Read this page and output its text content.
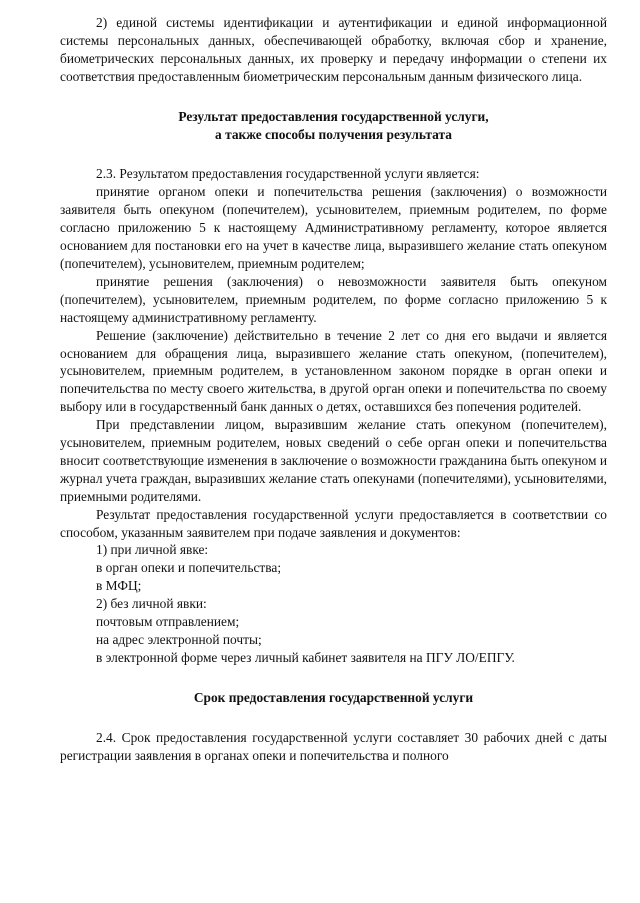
2) единой системы идентификации и аутентификации и единой информационной системы персональных данных, обеспечивающей обработку, включая сбор и хранение, биометрических персональных данных, их проверку и передачу информации о степени их соответствия предоставленным биометрическим персональным данным физического лица.

Результат предоставления государственной услуги,
а также способы получения результата

2.3. Результатом предоставления государственной услуги является:

принятие органом опеки и попечительства решения (заключения) о возможности заявителя быть опекуном (попечителем), усыновителем, приемным родителем, по форме согласно приложению 5 к настоящему Административному регламенту, которое является основанием для постановки его на учет в качестве лица, выразившего желание стать опекуном (попечителем), усыновителем, приемным родителем;

принятие решения (заключения) о невозможности заявителя быть опекуном (попечителем), усыновителем, приемным родителем, по форме согласно приложению 5 к настоящему административному регламенту.

Решение (заключение) действительно в течение 2 лет со дня его выдачи и является основанием для обращения лица, выразившего желание стать опекуном, (попечителем), усыновителем, приемным родителем, в установленном законом порядке в орган опеки и попечительства по месту своего жительства, в другой орган опеки и попечительства по своему выбору или в государственный банк данных о детях, оставшихся без попечения родителей.

При представлении лицом, выразившим желание стать опекуном (попечителем), усыновителем, приемным родителем, новых сведений о себе орган опеки и попечительства вносит соответствующие изменения в заключение о возможности гражданина быть опекуном и журнал учета граждан, выразивших желание стать опекунами (попечителями), усыновителями, приемными родителями.

Результат предоставления государственной услуги предоставляется в соответствии со способом, указанным заявителем при подаче заявления и документов:

1) при личной явке:

в орган опеки и попечительства;

в МФЦ;

2) без личной явки:

почтовым отправлением;

на адрес электронной почты;

в электронной форме через личный кабинет заявителя на ПГУ ЛО/ЕПГУ.

Срок предоставления государственной услуги

2.4. Срок предоставления государственной услуги составляет 30 рабочих дней с даты регистрации заявления в органах опеки и попечительства и полного
